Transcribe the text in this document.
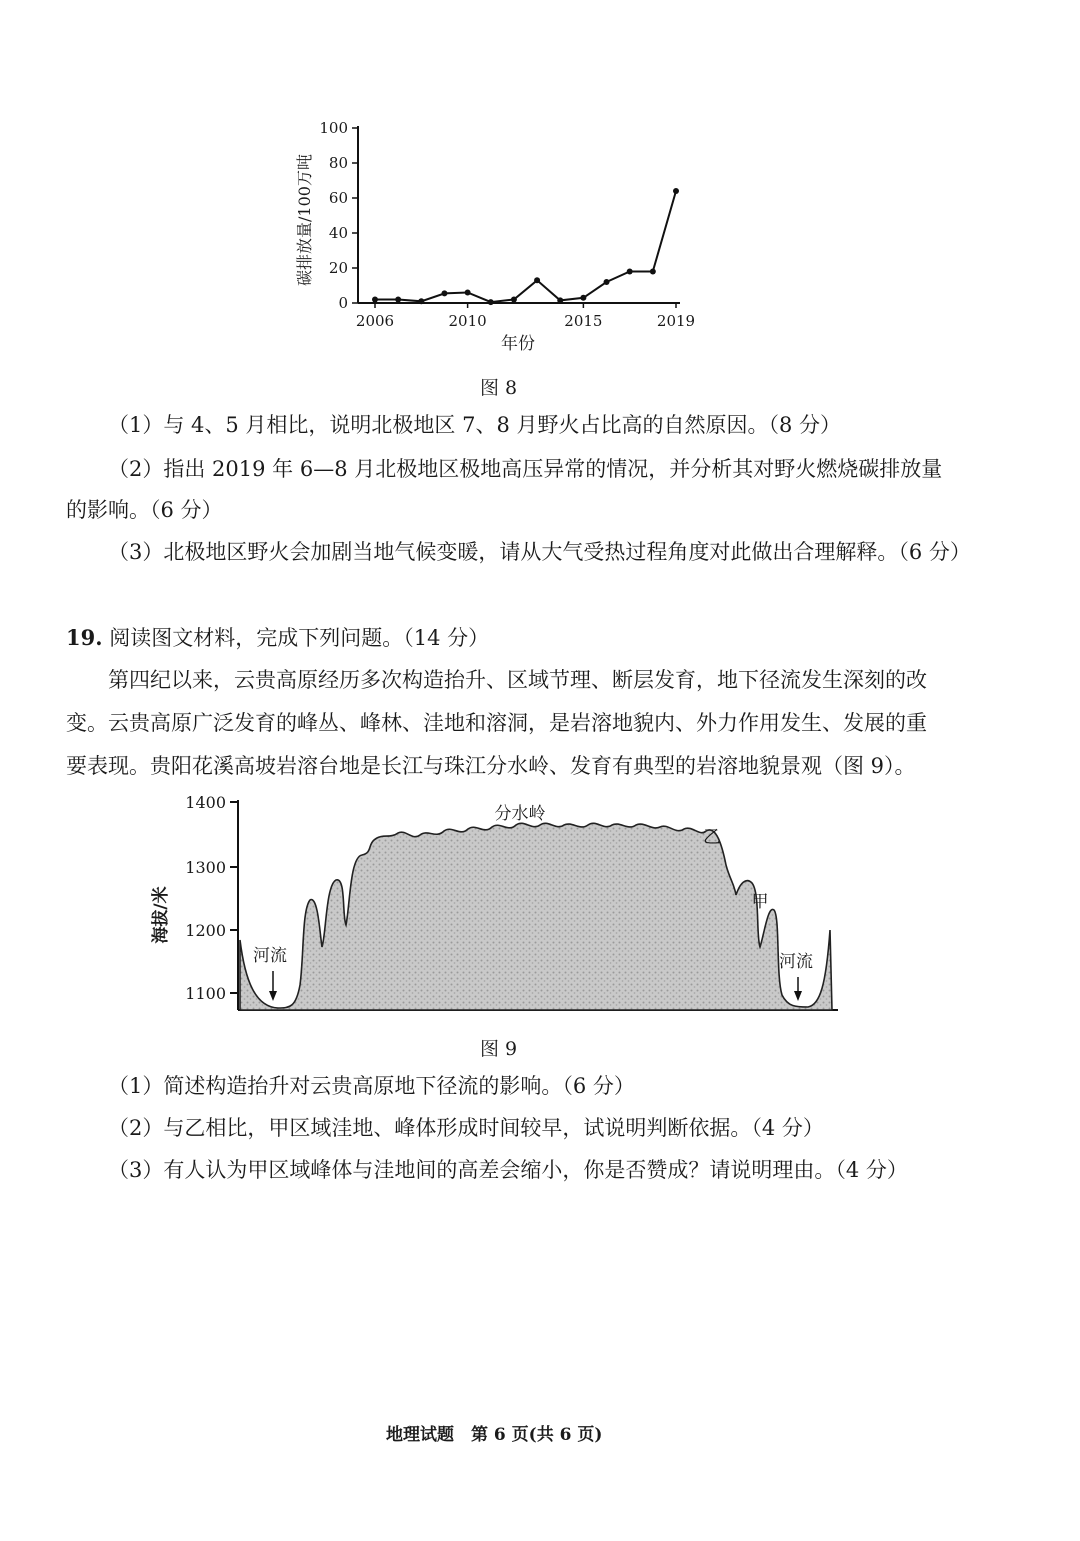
碳排放量/100万吨
0
20
40
60
80
100
2006	2010	2015	2019
年份
图 8
（1）与 4、5 月相比，说明北极地区 7、8 月野火占比高的自然原因。（8 分）
（2）指出 2019 年 6—8 月北极地区极地高压异常的情况，并分析其对野火燃烧碳排放量
的影响。（6 分）
（3）北极地区野火会加剧当地气候变暖，请从大气受热过程角度对此做出合理解释。（6 分）
19. 阅读图文材料，完成下列问题。（14 分）
第四纪以来，云贵高原经历多次构造抬升、区域节理、断层发育，地下径流发生深刻的改
变。云贵高原广泛发育的峰丛、峰林、洼地和溶洞，是岩溶地貌内、外力作用发生、发展的重
要表现。贵阳花溪高坡岩溶台地是长江与珠江分水岭、发育有典型的岩溶地貌景观（图 9）。
1400
1300
1200
1100
海拔/米
分水岭
乙
甲
河流	河流
图 9
（1）简述构造抬升对云贵高原地下径流的影响。（6 分）
（2）与乙相比，甲区域洼地、峰体形成时间较早，试说明判断依据。（4 分）
（3）有人认为甲区域峰体与洼地间的高差会缩小，你是否赞成？请说明理由。（4 分）
地理试题　第 6 页(共 6 页)
